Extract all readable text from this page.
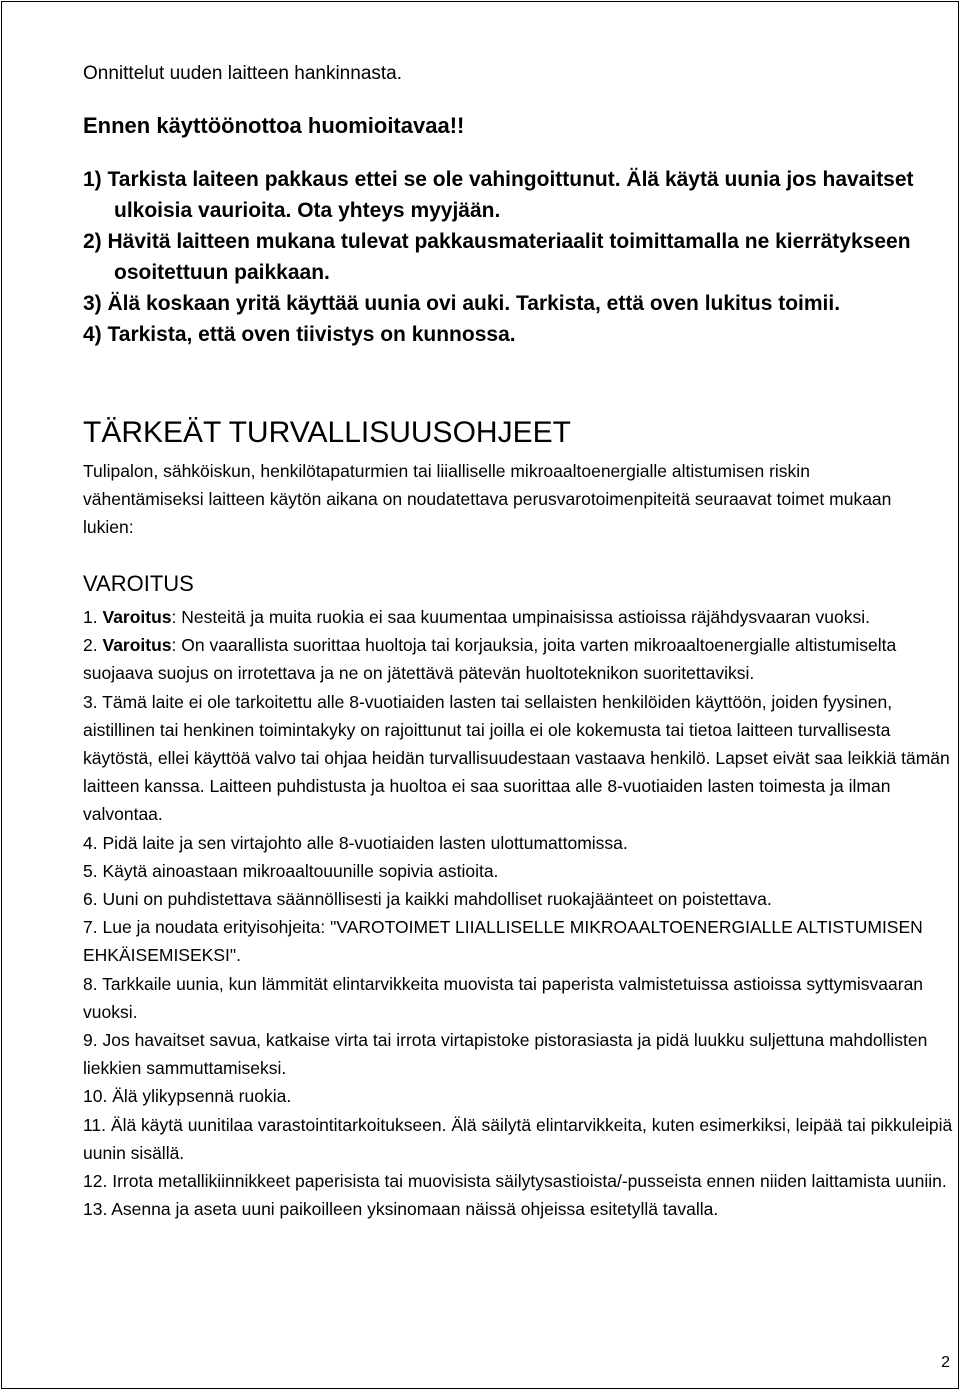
Onnittelut uuden laitteen hankinnasta.
Ennen käyttöönottoa huomioitavaa!!
1) Tarkista laiteen pakkaus ettei se ole vahingoittunut. Älä käytä uunia jos havaitset ulkoisia vaurioita. Ota yhteys myyjään.
2) Hävitä laitteen mukana tulevat pakkausmateriaalit toimittamalla ne kierrätykseen osoitettuun paikkaan.
3) Älä koskaan yritä käyttää uunia ovi auki. Tarkista, että oven lukitus toimii.
4) Tarkista, että oven tiivistys on kunnossa.
TÄRKEÄT TURVALLISUUSOHJEET

Tulipalon, sähköiskun, henkilötapaturmien tai liialliselle mikroaaltoenergialle altistumisen riskin vähentämiseksi laitteen käytön aikana on noudatettava perusvarotoimenpiteitä seuraavat toimet mukaan lukien:

VAROITUS
1. Varoitus: Nesteitä ja muita ruokia ei saa kuumentaa umpinaisissa astioissa räjähdysvaaran vuoksi.
2. Varoitus: On vaarallista suorittaa huoltoja tai korjauksia, joita varten mikroaaltoenergialle altistumiselta suojaava suojus on irrotettava ja ne on jätettävä pätevän huoltoteknikon suoritettaviksi.
3. Tämä laite ei ole tarkoitettu alle 8-vuotiaiden lasten tai sellaisten henkilöiden käyttöön, joiden fyysinen, aistillinen tai henkinen toimintakyky on rajoittunut tai joilla ei ole kokemusta tai tietoa laitteen turvallisesta käytöstä, ellei käyttöä valvo tai ohjaa heidän turvallisuudestaan vastaava henkilö. Lapset eivät saa leikkiä tämän laitteen kanssa. Laitteen puhdistusta ja huoltoa ei saa suorittaa alle 8-vuotiaiden lasten toimesta ja ilman valvontaa.
4. Pidä laite ja sen virtajohto alle 8-vuotiaiden lasten ulottumattomissa.
5. Käytä ainoastaan mikroaaltouunille sopivia astioita.
6. Uuni on puhdistettava säännöllisesti ja kaikki mahdolliset ruokajäänteet on poistettava.
7. Lue ja noudata erityisohjeita: "VAROTOIMET LIIALLISELLE MIKROAALTOENERGIALLE ALTISTUMISEN EHKÄISEMISEKSI".
8. Tarkkaile uunia, kun lämmität elintarvikkeita muovista tai paperista valmistetuissa astioissa syttymisvaaran vuoksi.
9. Jos havaitset savua, katkaise virta tai irrota virtapistoke pistorasiasta ja pidä luukku suljettuna mahdollisten liekkien sammuttamiseksi.
10. Älä ylikypsennä ruokia.
11. Älä käytä uunitilaa varastointitarkoitukseen. Älä säilytä elintarvikkeita, kuten esimerkiksi, leipää tai pikkuleipiä uunin sisällä.
12. Irrota metallikiinnikkeet paperisista tai muovisista säilytysastioista/-pusseista ennen niiden laittamista uuniin.
13. Asenna ja aseta uuni paikoilleen yksinomaan näissä ohjeissa esitetyllä tavalla.
2
